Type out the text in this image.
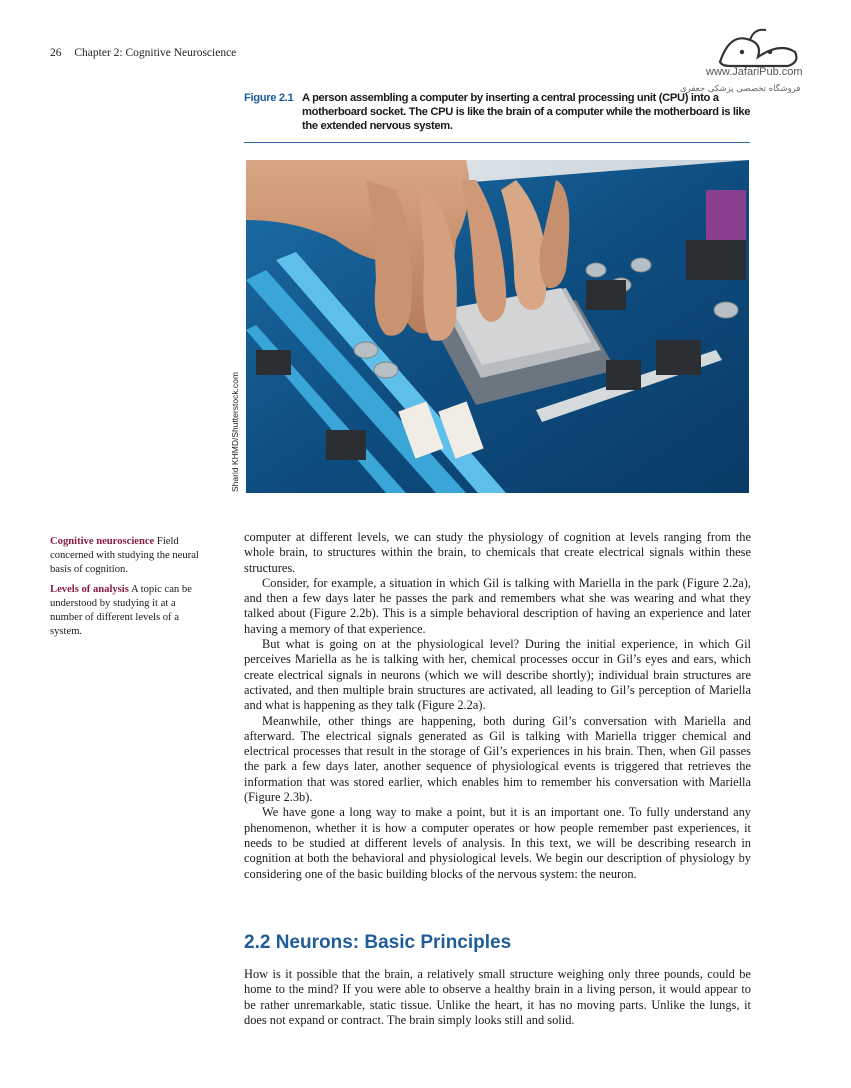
26 Chapter 2: Cognitive Neuroscience
www.JafariPub.com
فروشگاه تخصصی پزشکی جعفری
Figure 2.1 A person assembling a computer by inserting a central processing unit (CPU) into a motherboard socket. The CPU is like the brain of a computer while the motherboard is like the extended nervous system.
Sharid KHMD/Shutterstock.com

Cognitive neuroscience Field concerned with studying the neural basis of cognition.

Levels of analysis A topic can be understood by studying it at a number of different levels of a system.

computer at different levels, we can study the physiology of cognition at levels ranging from the whole brain, to structures within the brain, to chemicals that create electrical signals within these structures.

Consider, for example, a situation in which Gil is talking with Mariella in the park (Figure 2.2a), and then a few days later he passes the park and remembers what she was wearing and what they talked about (Figure 2.2b). This is a simple behavioral description of having an experience and later having a memory of that experience.

But what is going on at the physiological level? During the initial experience, in which Gil perceives Mariella as he is talking with her, chemical processes occur in Gil’s eyes and ears, which create electrical signals in neurons (which we will describe shortly); individual brain structures are activated, and then multiple brain structures are activated, all leading to Gil’s perception of Mariella and what is happening as they talk (Figure 2.2a).

Meanwhile, other things are happening, both during Gil’s conversation with Mariella and afterward. The electrical signals generated as Gil is talking with Mariella trigger chemical and electrical processes that result in the storage of Gil’s experiences in his brain. Then, when Gil passes the park a few days later, another sequence of physiological events is triggered that retrieves the information that was stored earlier, which enables him to remember his conversation with Mariella (Figure 2.3b).

We have gone a long way to make a point, but it is an important one. To fully understand any phenomenon, whether it is how a computer operates or how people remember past experiences, it needs to be studied at different levels of analysis. In this text, we will be describing research in cognition at both the behavioral and physiological levels. We begin our description of physiology by considering one of the basic building blocks of the nervous system: the neuron.

2.2 Neurons: Basic Principles

How is it possible that the brain, a relatively small structure weighing only three pounds, could be home to the mind? If you were able to observe a healthy brain in a living person, it would appear to be rather unremarkable, static tissue. Unlike the heart, it has no moving parts. Unlike the lungs, it does not expand or contract. The brain simply looks still and solid.
